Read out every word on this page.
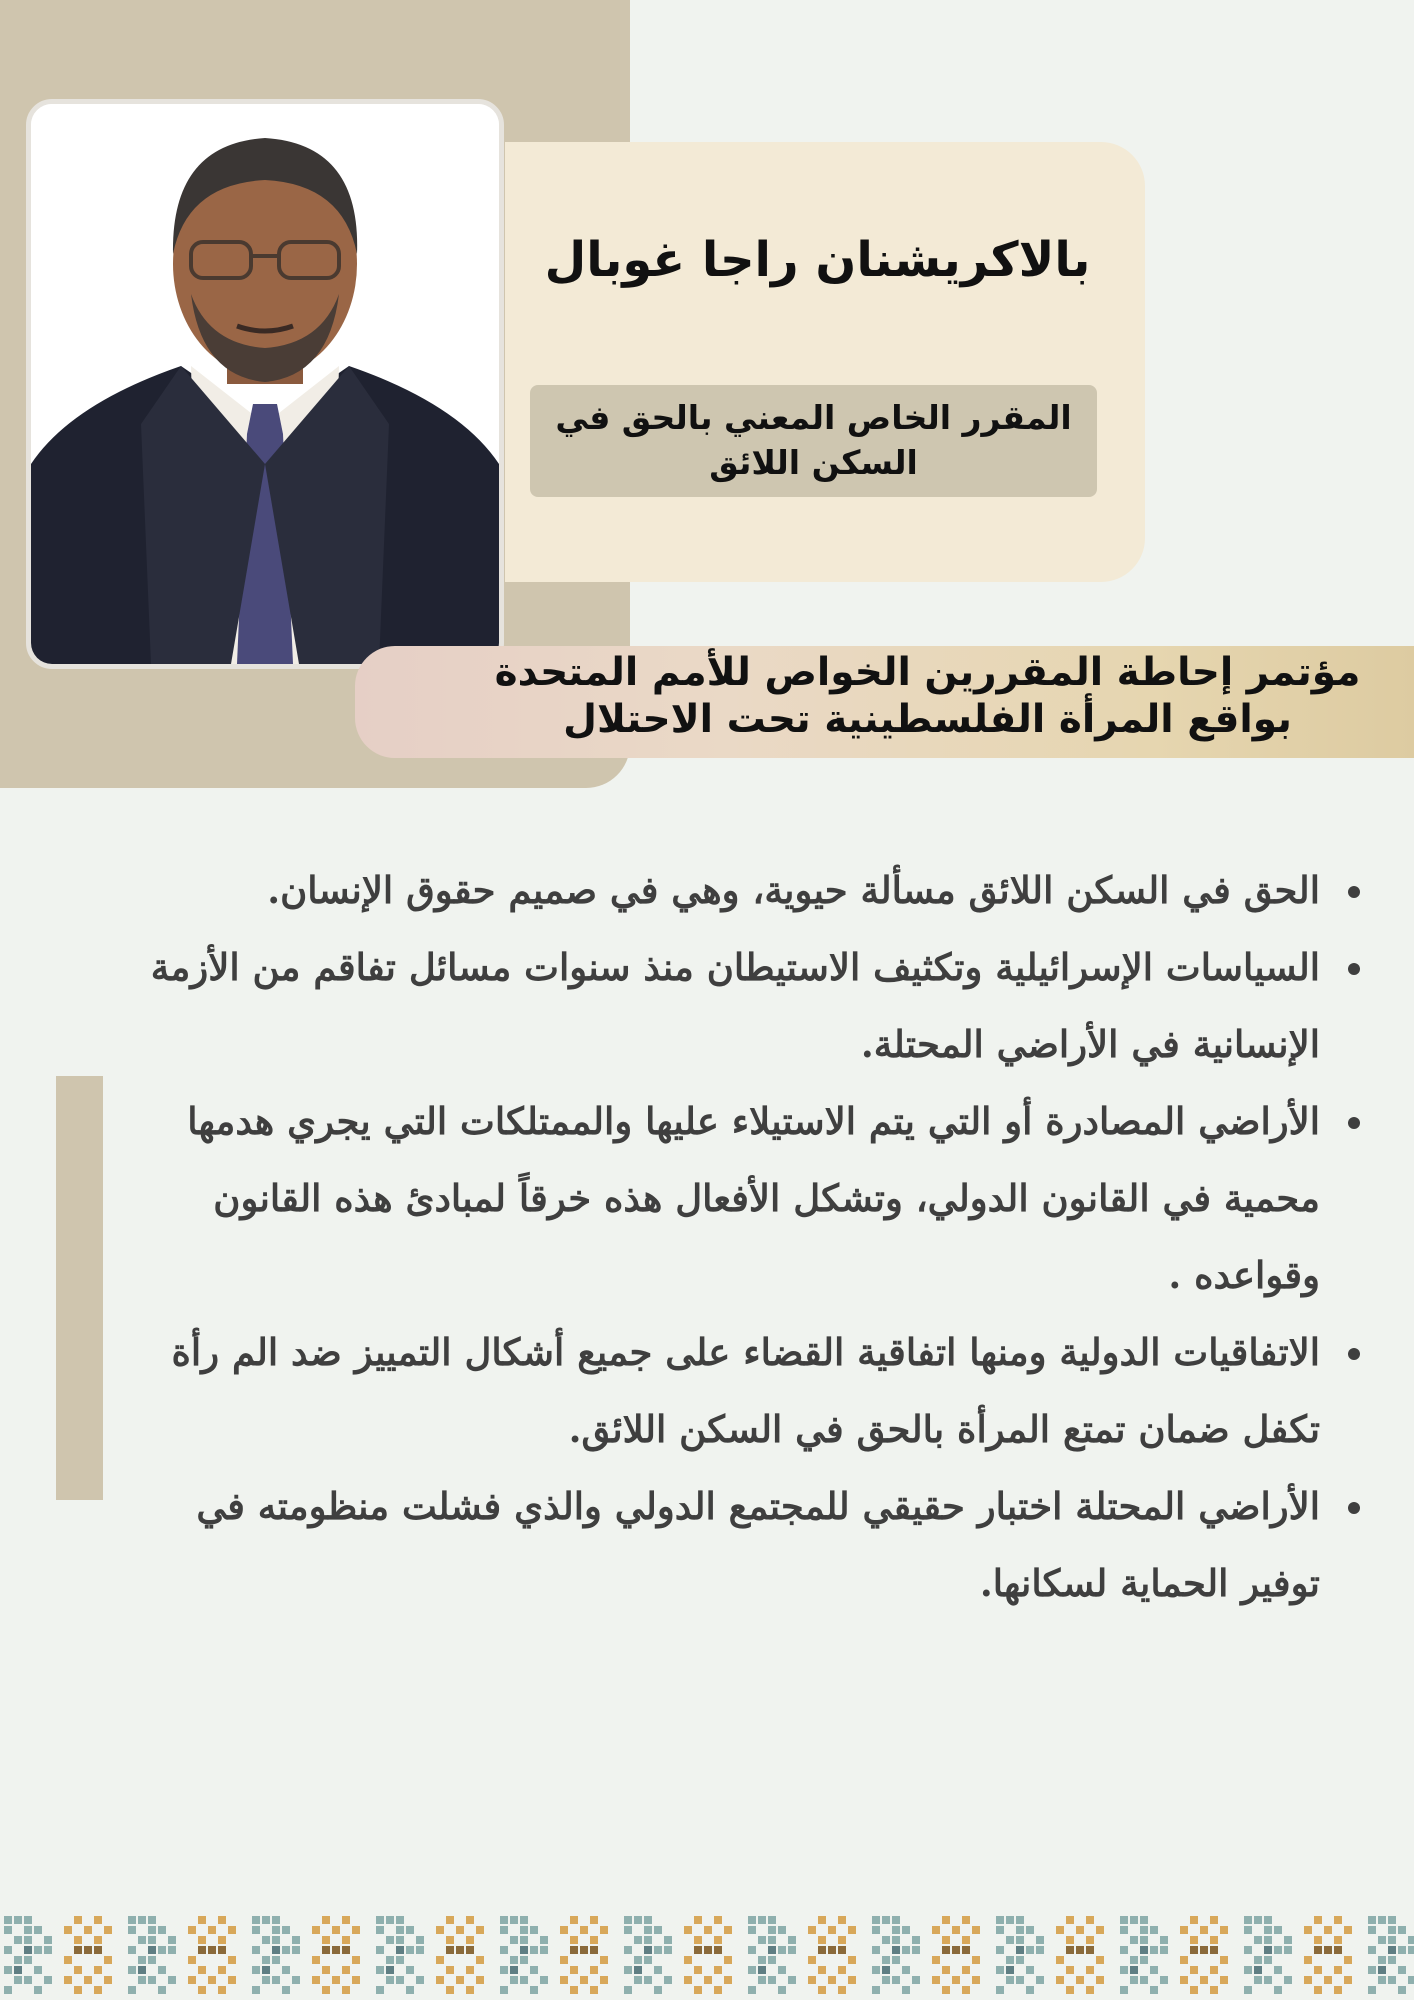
بالاكريشنان راجا غوبال
المقرر الخاص المعني بالحق في السكن اللائق
مؤتمر إحاطة المقررين الخواص للأمم المتحدة بواقع المرأة الفلسطينية تحت الاحتلال
• الحق في السكن اللائق مسألة حيوية، وهي في صميم حقوق الإنسان.
• السياسات الإسرائيلية وتكثيف الاستيطان منذ سنوات مسائل تفاقم من الأزمة الإنسانية في الأراضي المحتلة.
• الأراضي المصادرة أو التي يتم الاستيلاء عليها والممتلكات التي يجري هدمها محمية في القانون الدولي، وتشكل الأفعال هذه خرقاً لمبادئ هذه القانون وقواعده .
• الاتفاقيات الدولية ومنها اتفاقية القضاء على جميع أشكال التمييز ضد الم رأة تكفل ضمان تمتع المرأة بالحق في السكن اللائق.
• الأراضي المحتلة اختبار حقيقي للمجتمع الدولي والذي فشلت منظومته في توفير الحماية لسكانها.
